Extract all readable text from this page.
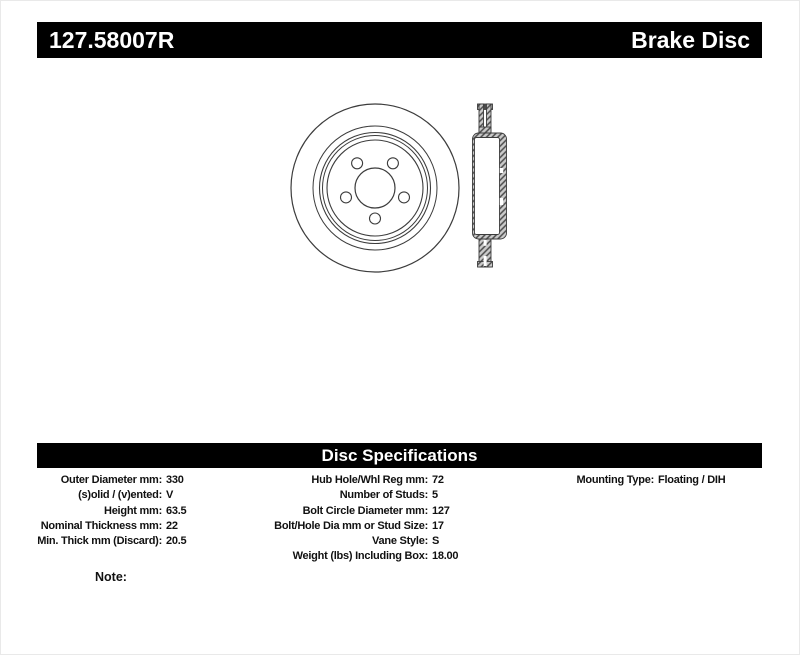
127.58007R	Brake Disc
Disc Specifications
Outer Diameter mm: 330
(s)olid / (v)ented: V
Height mm: 63.5
Nominal Thickness mm: 22
Min. Thick mm (Discard): 20.5
Hub Hole/Whl Reg mm: 72
Number of Studs: 5
Bolt Circle Diameter mm: 127
Bolt/Hole Dia mm or Stud Size: 17
Vane Style: S
Weight (lbs) Including Box: 18.00
Mounting Type: Floating / DIH
Note:
